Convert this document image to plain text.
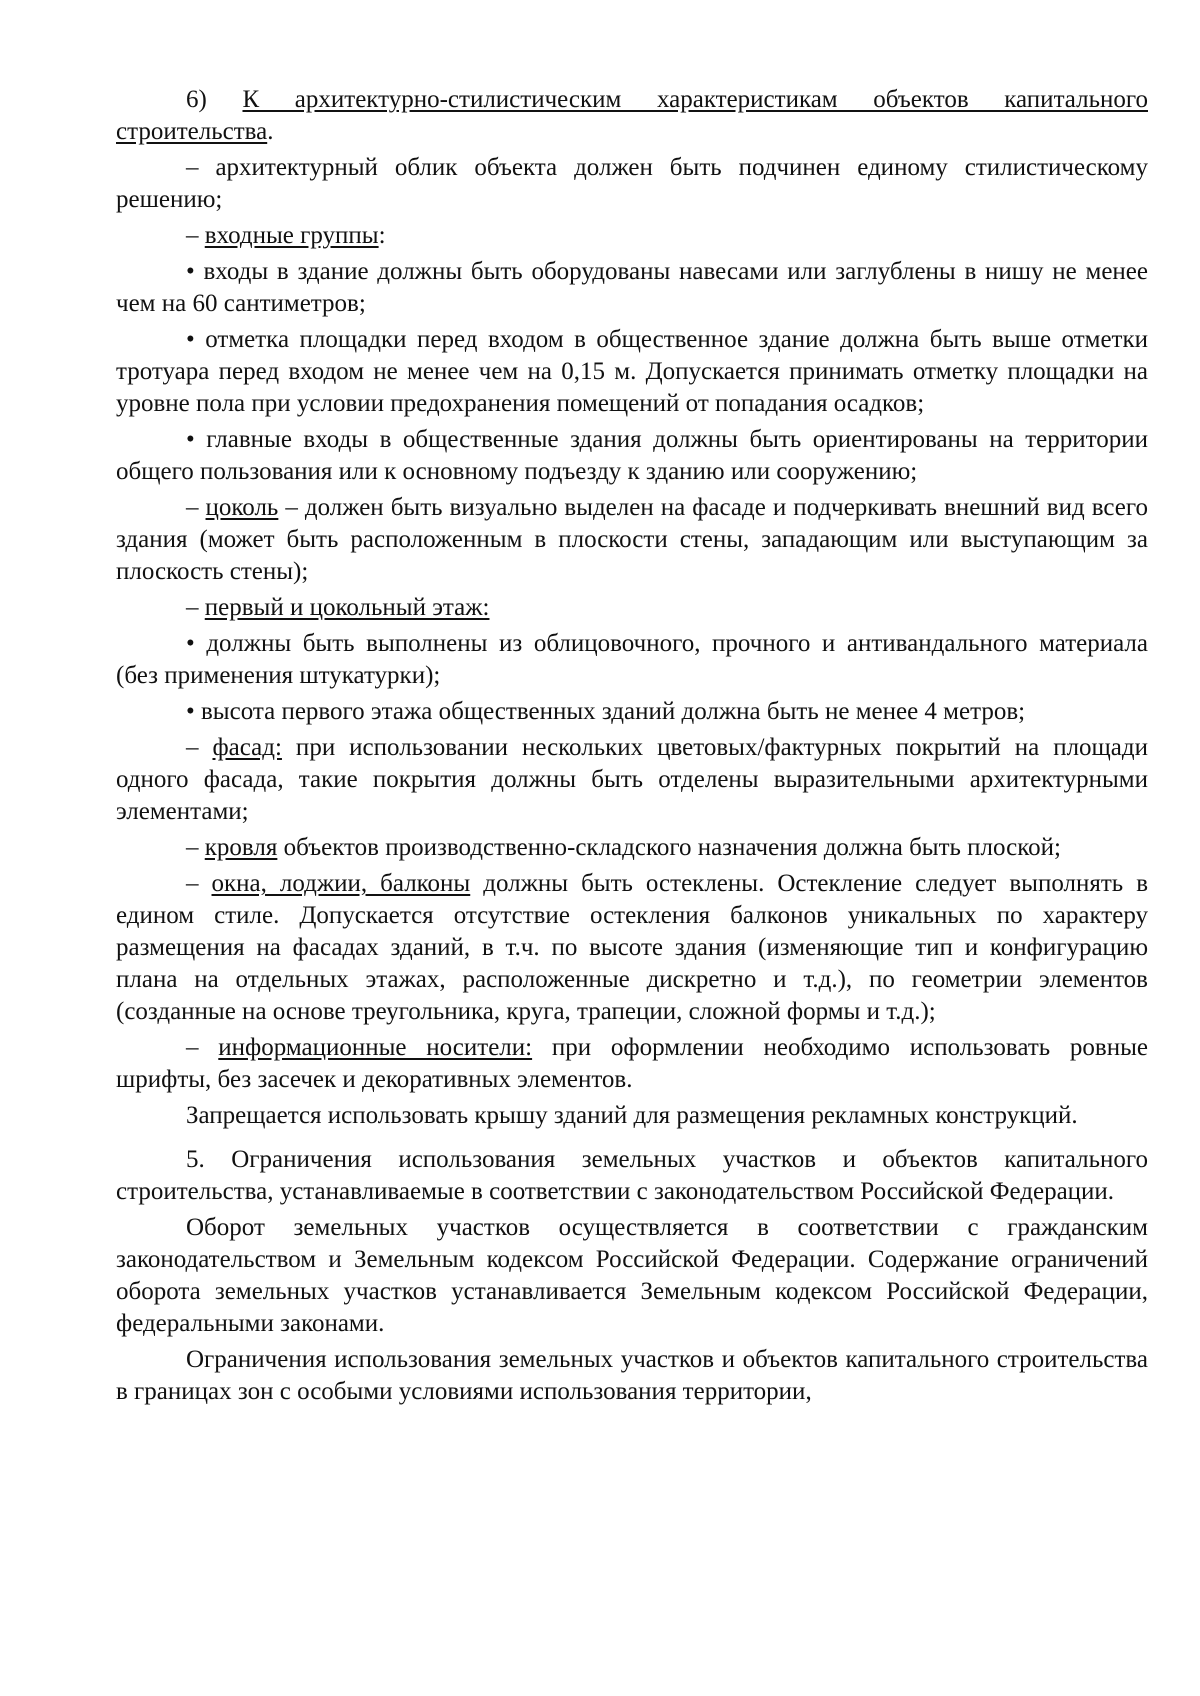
6) К архитектурно-стилистическим характеристикам объектов капитального строительства.

– архитектурный облик объекта должен быть подчинен единому стилистическому решению;

– входные группы:

• входы в здание должны быть оборудованы навесами или заглублены в нишу не менее чем на 60 сантиметров;

• отметка площадки перед входом в общественное здание должна быть выше отметки тротуара перед входом не менее чем на 0,15 м. Допускается принимать отметку площадки на уровне пола при условии предохранения помещений от попадания осадков;

• главные входы в общественные здания должны быть ориентированы на территории общего пользования или к основному подъезду к зданию или сооружению;

– цоколь – должен быть визуально выделен на фасаде и подчеркивать внешний вид всего здания (может быть расположенным в плоскости стены, западающим или выступающим за плоскость стены);

– первый и цокольный этаж:

• должны быть выполнены из облицовочного, прочного и антивандального материала (без применения штукатурки);

• высота первого этажа общественных зданий должна быть не менее 4 метров;

– фасад: при использовании нескольких цветовых/фактурных покрытий на площади одного фасада, такие покрытия должны быть отделены выразительными архитектурными элементами;

– кровля объектов производственно-складского назначения должна быть плоской;

– окна, лоджии, балконы должны быть остеклены. Остекление следует выполнять в едином стиле. Допускается отсутствие остекления балконов уникальных по характеру размещения на фасадах зданий, в т.ч. по высоте здания (изменяющие тип и конфигурацию плана на отдельных этажах, расположенные дискретно и т.д.), по геометрии элементов (созданные на основе треугольника, круга, трапеции, сложной формы и т.д.);

– информационные носители: при оформлении необходимо использовать ровные шрифты, без засечек и декоративных элементов.

Запрещается использовать крышу зданий для размещения рекламных конструкций.

5. Ограничения использования земельных участков и объектов капитального строительства, устанавливаемые в соответствии с законодательством Российской Федерации.

Оборот земельных участков осуществляется в соответствии с гражданским законодательством и Земельным кодексом Российской Федерации. Содержание ограничений оборота земельных участков устанавливается Земельным кодексом Российской Федерации, федеральными законами.

Ограничения использования земельных участков и объектов капитального строительства в границах зон с особыми условиями использования территории,
